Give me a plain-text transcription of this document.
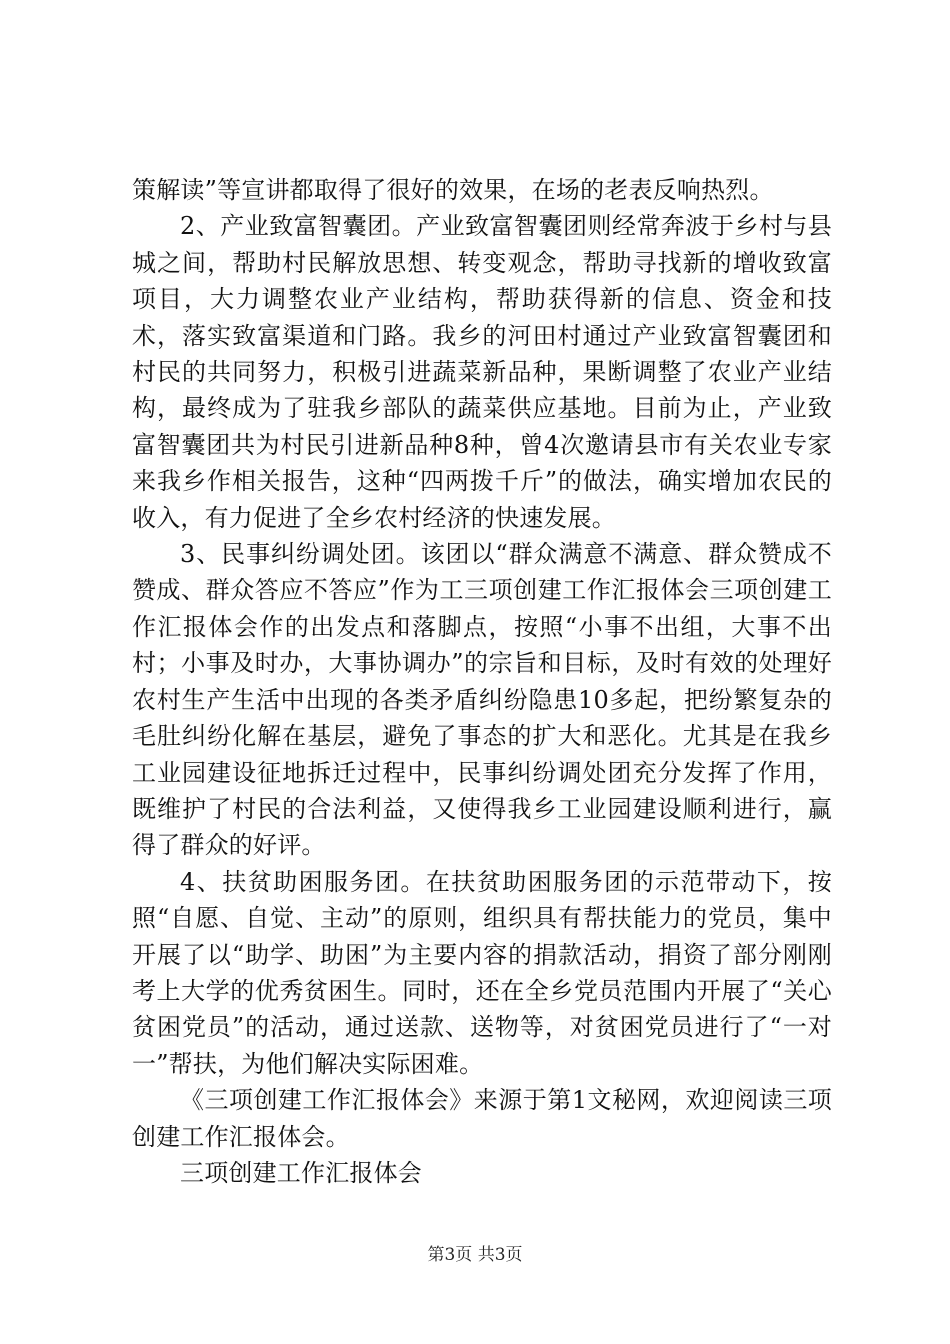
策解读”等宣讲都取得了很好的效果，在场的老表反响热烈。

2、产业致富智囊团。产业致富智囊团则经常奔波于乡村与县城之间，帮助村民解放思想、转变观念，帮助寻找新的增收致富项目，大力调整农业产业结构，帮助获得新的信息、资金和技术，落实致富渠道和门路。我乡的河田村通过产业致富智囊团和村民的共同努力，积极引进蔬菜新品种，果断调整了农业产业结构，最终成为了驻我乡部队的蔬菜供应基地。目前为止，产业致富智囊团共为村民引进新品种8种，曾4次邀请县市有关农业专家来我乡作相关报告，这种“四两拨千斤”的做法，确实增加农民的收入，有力促进了全乡农村经济的快速发展。

3、民事纠纷调处团。该团以“群众满意不满意、群众赞成不赞成、群众答应不答应”作为工三项创建工作汇报体会三项创建工作汇报体会作的出发点和落脚点，按照“小事不出组，大事不出村；小事及时办，大事协调办”的宗旨和目标，及时有效的处理好农村生产生活中出现的各类矛盾纠纷隐患10多起，把纷繁复杂的毛肚纠纷化解在基层，避免了事态的扩大和恶化。尤其是在我乡工业园建设征地拆迁过程中，民事纠纷调处团充分发挥了作用，既维护了村民的合法利益，又使得我乡工业园建设顺利进行，赢得了群众的好评。

4、扶贫助困服务团。在扶贫助困服务团的示范带动下，按照“自愿、自觉、主动”的原则，组织具有帮扶能力的党员，集中开展了以“助学、助困”为主要内容的捐款活动，捐资了部分刚刚考上大学的优秀贫困生。同时，还在全乡党员范围内开展了“关心贫困党员”的活动，通过送款、送物等，对贫困党员进行了“一对一”帮扶，为他们解决实际困难。

《三项创建工作汇报体会》来源于第1文秘网，欢迎阅读三项创建工作汇报体会。

三项创建工作汇报体会

第3页 共3页
